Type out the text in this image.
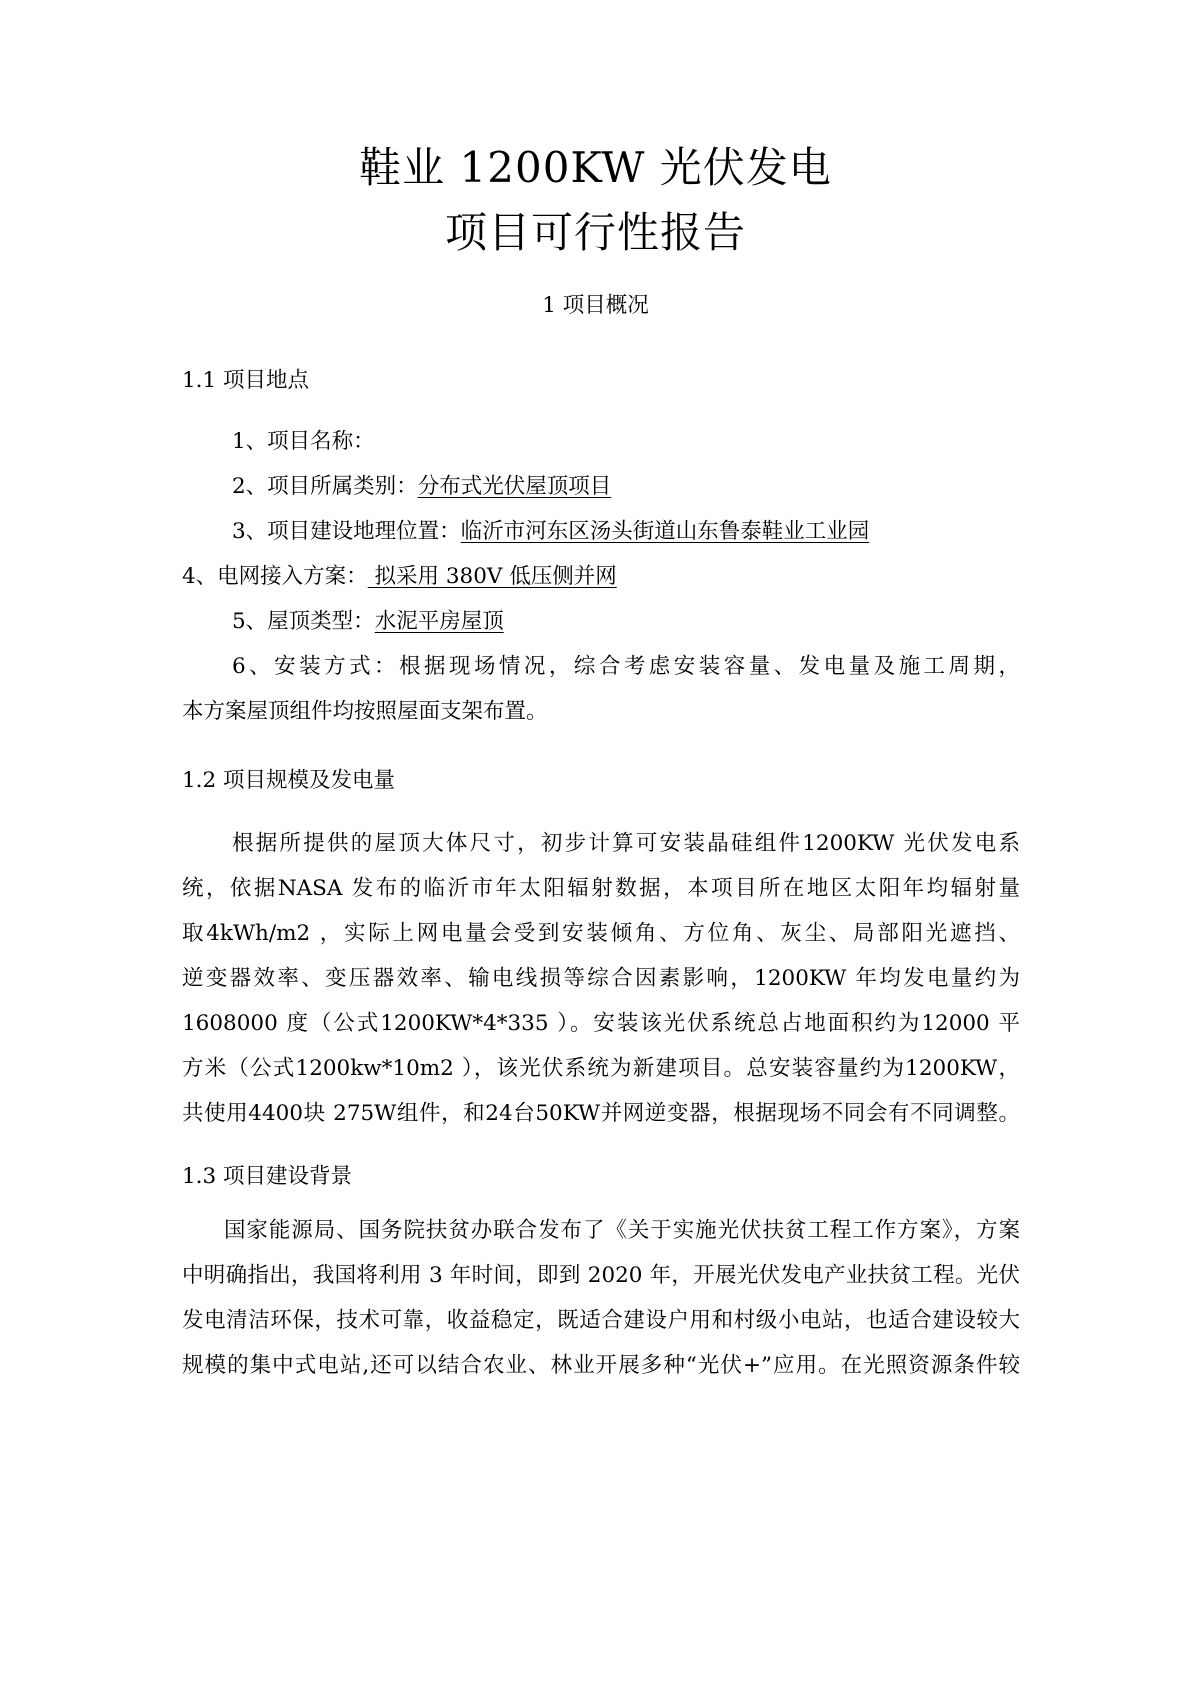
鞋业 1200KW 光伏发电
项目可行性报告
1 项目概况
1.1 项目地点
1、项目名称：
2、项目所属类别：分布式光伏屋顶项目
3、项目建设地理位置：临沂市河东区汤头街道山东鲁泰鞋业工业园
4、电网接入方案： 拟采用 380V 低压侧并网
5、屋顶类型：水泥平房屋顶
6、安装方式：根据现场情况，综合考虑安装容量、发电量及施工周期，
本方案屋顶组件均按照屋面支架布置。
1.2 项目规模及发电量
根据所提供的屋顶大体尺寸，初步计算可安装晶硅组件1200KW 光伏发电系
统，依据NASA 发布的临沂市年太阳辐射数据，本项目所在地区太阳年均辐射量
取4kWh/m2 ，实际上网电量会受到安装倾角、方位角、灰尘、局部阳光遮挡、
逆变器效率、变压器效率、输电线损等综合因素影响，1200KW 年均发电量约为
1608000 度（公式1200KW*4*335 ）。安装该光伏系统总占地面积约为12000 平
方米（公式1200kw*10m2 ），该光伏系统为新建项目。总安装容量约为1200KW，
共使用4400块 275W组件，和24台50KW并网逆变器，根据现场不同会有不同调整。
1.3 项目建设背景
国家能源局、国务院扶贫办联合发布了《关于实施光伏扶贫工程工作方案》，方案
中明确指出，我国将利用 3 年时间，即到 2020 年，开展光伏发电产业扶贫工程。光伏
发电清洁环保，技术可靠，收益稳定，既适合建设户用和村级小电站，也适合建设较大
规模的集中式电站,还可以结合农业、林业开展多种“光伏+”应用。在光照资源条件较
